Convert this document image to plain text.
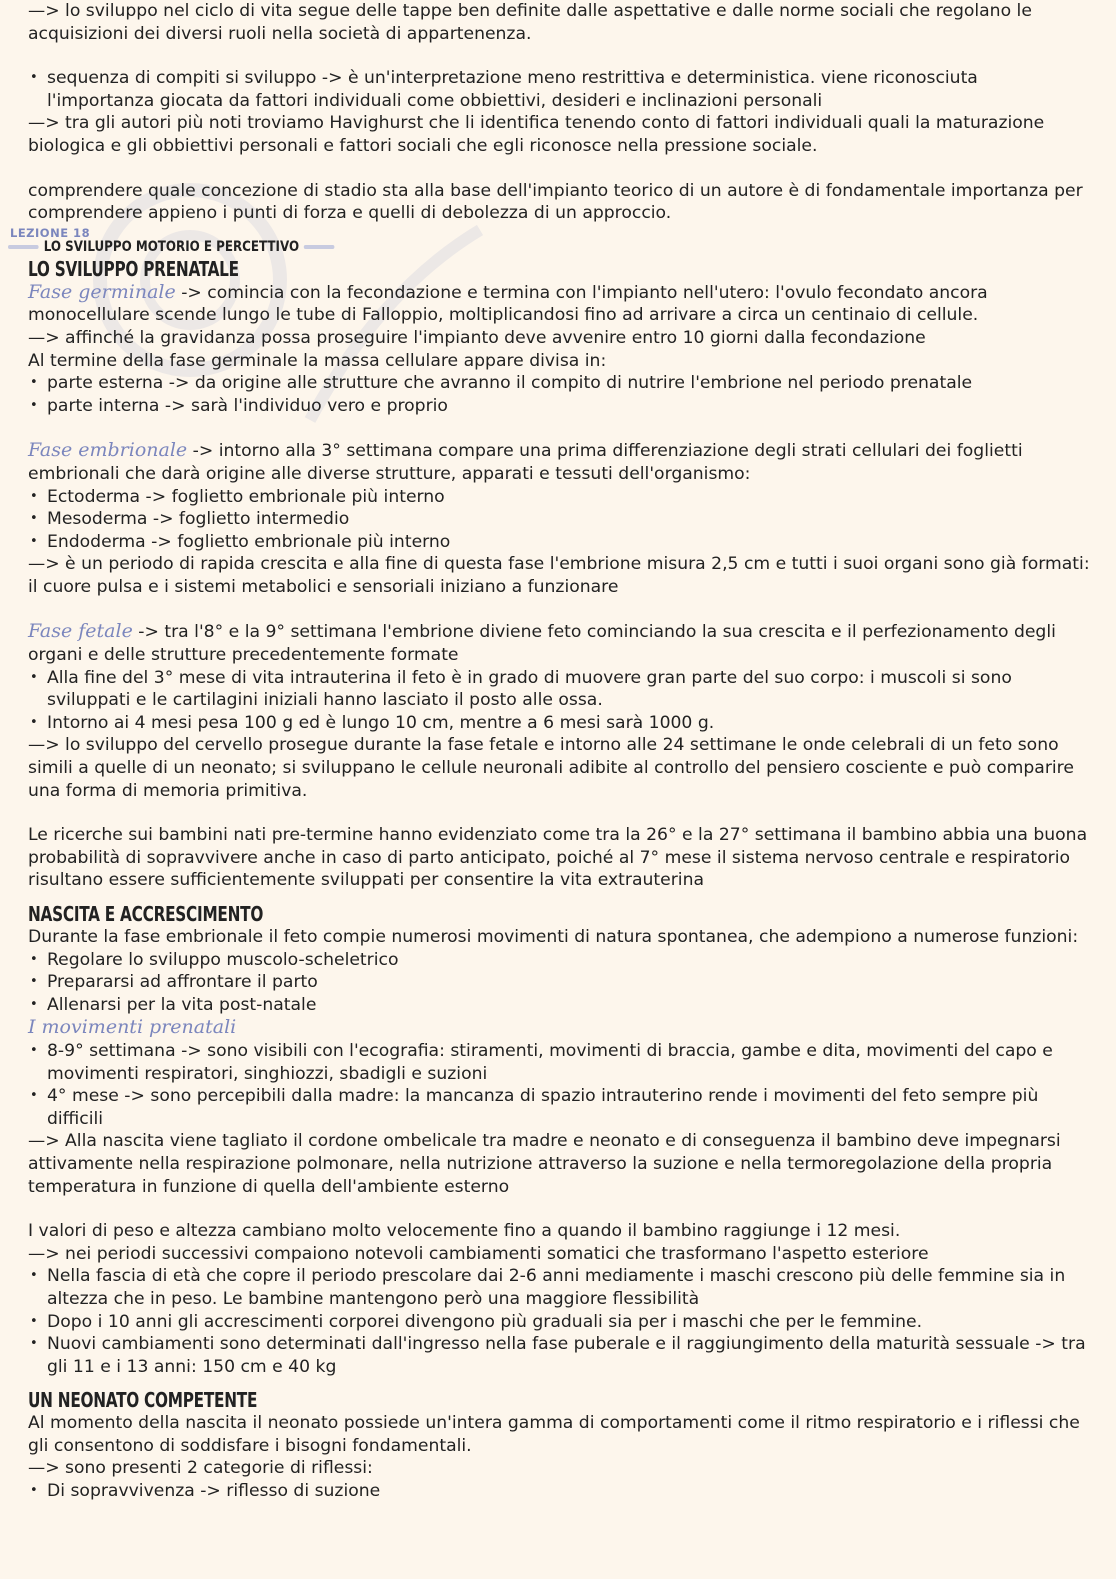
LEZIONE 18

—> lo sviluppo nel ciclo di vita segue delle tappe ben definite dalle aspettative e dalle norme sociali che regolano le acquisizioni dei diversi ruoli nella società di appartenenza.

• sequenza di compiti si sviluppo -> è un'interpretazione meno restrittiva e deterministica. viene riconosciuta l'importanza giocata da fattori individuali come obbiettivi, desideri e inclinazioni personali

—> tra gli autori più noti troviamo Havighurst che li identifica tenendo conto di fattori individuali quali la maturazione biologica e gli obbiettivi personali e fattori sociali che egli riconosce nella pressione sociale.

comprendere quale concezione di stadio sta alla base dell'impianto teorico di un autore è di fondamentale importanza per comprendere appieno i punti di forza e quelli di debolezza di un approccio.

LO SVILUPPO MOTORIO E PERCETTIVO

LO SVILUPPO PRENATALE

Fase germinale -> comincia con la fecondazione e termina con l'impianto nell'utero: l'ovulo fecondato ancora monocellulare scende lungo le tube di Falloppio, moltiplicandosi fino ad arrivare a circa un centinaio di cellule.

—> affinché la gravidanza possa proseguire l'impianto deve avvenire entro 10 giorni dalla fecondazione

Al termine della fase germinale la massa cellulare appare divisa in:

• parte esterna -> da origine alle strutture che avranno il compito di nutrire l'embrione nel periodo prenatale
• parte interna -> sarà l'individuo vero e proprio

Fase embrionale -> intorno alla 3° settimana compare una prima differenziazione degli strati cellulari dei foglietti embrionali che darà origine alle diverse strutture, apparati e tessuti dell'organismo:

• Ectoderma -> foglietto embrionale più interno
• Mesoderma -> foglietto intermedio
• Endoderma -> foglietto embrionale più interno

—> è un periodo di rapida crescita e alla fine di questa fase l'embrione misura 2,5 cm e tutti i suoi organi sono già formati: il cuore pulsa e i sistemi metabolici e sensoriali iniziano a funzionare

Fase fetale -> tra l'8° e la 9° settimana l'embrione diviene feto cominciando la sua crescita e il perfezionamento degli organi e delle strutture precedentemente formate

• Alla fine del 3° mese di vita intrauterina il feto è in grado di muovere gran parte del suo corpo: i muscoli si sono sviluppati e le cartilagini iniziali hanno lasciato il posto alle ossa.
• Intorno ai 4 mesi pesa 100 g ed è lungo 10 cm, mentre a 6 mesi sarà 1000 g.

—> lo sviluppo del cervello prosegue durante la fase fetale e intorno alle 24 settimane le onde celebrali di un feto sono simili a quelle di un neonato; si sviluppano le cellule neuronali adibite al controllo del pensiero cosciente e può comparire una forma di memoria primitiva.

Le ricerche sui bambini nati pre-termine hanno evidenziato come tra la 26° e la 27° settimana il bambino abbia una buona probabilità di sopravvivere anche in caso di parto anticipato, poiché al 7° mese il sistema nervoso centrale e respiratorio risultano essere sufficientemente sviluppati per consentire la vita extrauterina

NASCITA E ACCRESCIMENTO

Durante la fase embrionale il feto compie numerosi movimenti di natura spontanea, che adempiono a numerose funzioni:

• Regolare lo sviluppo muscolo-scheletrico
• Prepararsi ad affrontare il parto
• Allenarsi per la vita post-natale

I movimenti prenatali

• 8-9° settimana -> sono visibili con l'ecografia: stiramenti, movimenti di braccia, gambe e dita, movimenti del capo e movimenti respiratori, singhiozzi, sbadigli e suzioni
• 4° mese -> sono percepibili dalla madre: la mancanza di spazio intrauterino rende i movimenti del feto sempre più difficili

—> Alla nascita viene tagliato il cordone ombelicale tra madre e neonato e di conseguenza il bambino deve impegnarsi attivamente nella respirazione polmonare, nella nutrizione attraverso la suzione e nella termoregolazione della propria temperatura in funzione di quella dell'ambiente esterno

I valori di peso e altezza cambiano molto velocemente fino a quando il bambino raggiunge i 12 mesi.

—> nei periodi successivi compaiono notevoli cambiamenti somatici che trasformano l'aspetto esteriore

• Nella fascia di età che copre il periodo prescolare dai 2-6 anni mediamente i maschi crescono più delle femmine sia in altezza che in peso. Le bambine mantengono però una maggiore flessibilità
• Dopo i 10 anni gli accrescimenti corporei divengono più graduali sia per i maschi che per le femmine.
• Nuovi cambiamenti sono determinati dall'ingresso nella fase puberale e il raggiungimento della maturità sessuale -> tra gli 11 e i 13 anni: 150 cm e 40 kg

UN NEONATO COMPETENTE

Al momento della nascita il neonato possiede un'intera gamma di comportamenti come il ritmo respiratorio e i riflessi che gli consentono di soddisfare i bisogni fondamentali.

—> sono presenti 2 categorie di riflessi:

• Di sopravvivenza -> riflesso di suzione
